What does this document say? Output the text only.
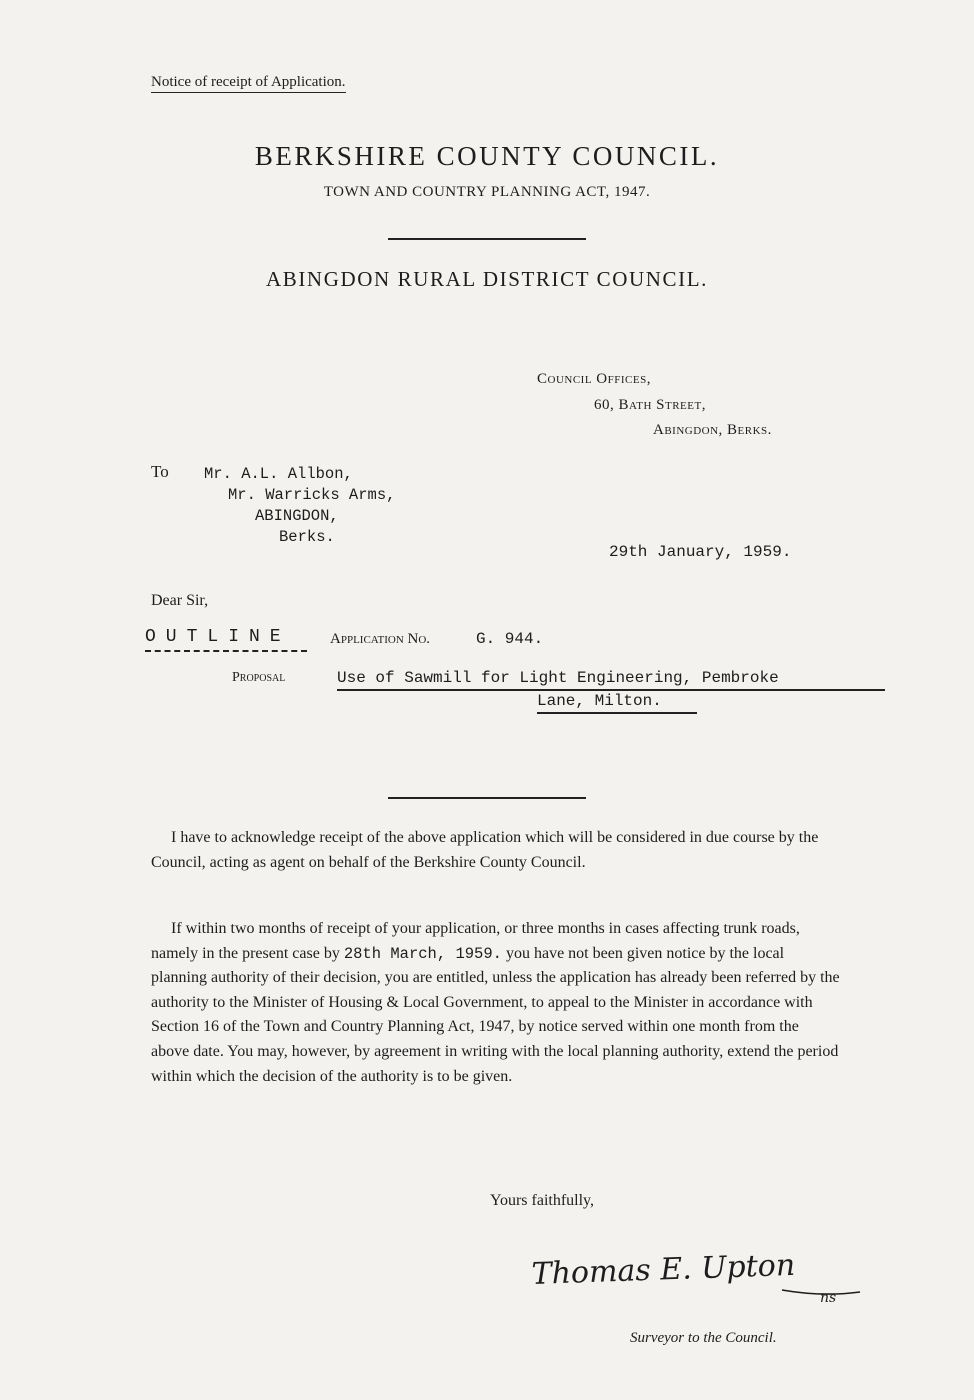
Notice of receipt of Application.
BERKSHIRE COUNTY COUNCIL.
TOWN AND COUNTRY PLANNING ACT, 1947.
ABINGDON RURAL DISTRICT COUNCIL.
Council Offices,
60, Bath Street,
Abingdon, Berks.
To Mr. A.L. Allbon,
Mr. Warricks Arms,
ABINGDON,
Berks.
29th January, 1959.
Dear Sir,
OUTLINE	Application No.	G. 944.
Proposal	Use of Sawmill for Light Engineering, Pembroke
Lane, Milton.
I have to acknowledge receipt of the above application which will be considered in due course by the Council, acting as agent on behalf of the Berkshire County Council.
If within two months of receipt of your application, or three months in cases affecting trunk roads, namely in the present case by 28th March, 1959. you have not been given notice by the local planning authority of their decision, you are entitled, unless the application has already been referred by the authority to the Minister of Housing & Local Government, to appeal to the Minister in accordance with Section 16 of the Town and Country Planning Act, 1947, by notice served within one month from the above date. You may, however, by agreement in writing with the local planning authority, extend the period within which the decision of the authority is to be given.
Yours faithfully,
Thomas E. Upton
ns
Surveyor to the Council.
